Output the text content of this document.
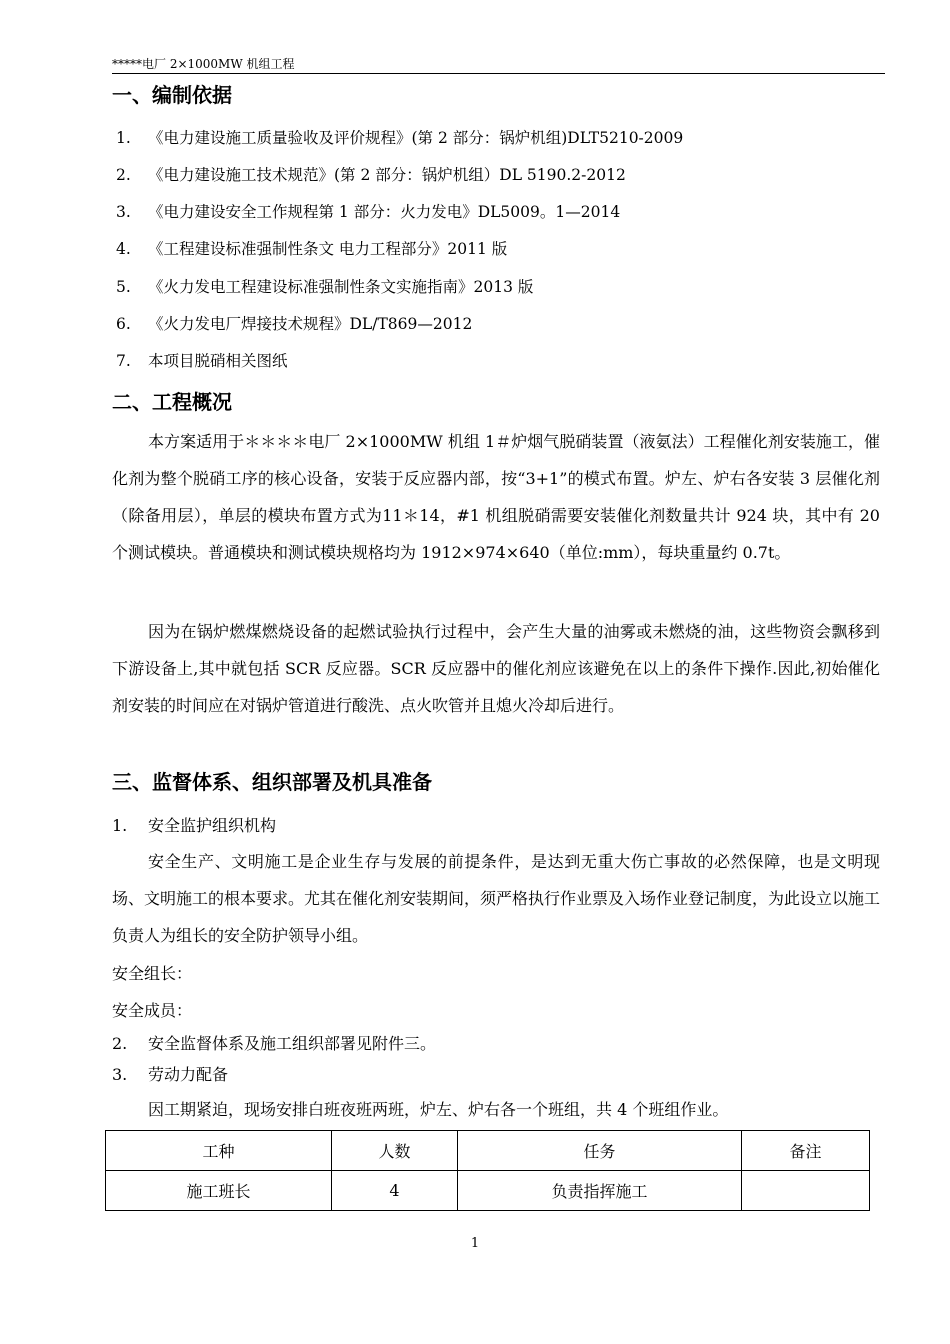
*****电厂 2×1000MW 机组工程
一、编制依据
1. 《电力建设施工质量验收及评价规程》(第 2 部分：锅炉机组)DLT5210-2009
2. 《电力建设施工技术规范》(第 2 部分：锅炉机组）DL 5190.2-2012
3. 《电力建设安全工作规程第 1 部分：火力发电》DL5009。1—2014
4. 《工程建设标准强制性条文 电力工程部分》2011 版
5. 《火力发电工程建设标准强制性条文实施指南》2013 版
6. 《火力发电厂焊接技术规程》DL/T869—2012
7. 本项目脱硝相关图纸
二、工程概况

本方案适用于＊＊＊＊电厂 2×1000MW 机组 1＃炉烟气脱硝装置（液氨法）工程催化剂安装施工，催化剂为整个脱硝工序的核心设备，安装于反应器内部，按“3+1”的模式布置。炉左、炉右各安装 3 层催化剂（除备用层），单层的模块布置方式为11＊14，#1 机组脱硝需要安装催化剂数量共计 924 块，其中有 20 个测试模块。普通模块和测试模块规格均为 1912×974×640（单位:mm），每块重量约 0.7t。

因为在锅炉燃煤燃烧设备的起燃试验执行过程中，会产生大量的油雾或未燃烧的油，这些物资会飘移到下游设备上,其中就包括 SCR 反应器。SCR 反应器中的催化剂应该避免在以上的条件下操作.因此,初始催化剂安装的时间应在对锅炉管道进行酸洗、点火吹管并且熄火冷却后进行。

三、监督体系、组织部署及机具准备
1. 安全监护组织机构

安全生产、文明施工是企业生存与发展的前提条件，是达到无重大伤亡事故的必然保障，也是文明现场、文明施工的根本要求。尤其在催化剂安装期间，须严格执行作业票及入场作业登记制度，为此设立以施工负责人为组长的安全防护领导小组。

安全组长：
安全成员：
2. 安全监督体系及施工组织部署见附件三。
3. 劳动力配备
因工期紧迫，现场安排白班夜班两班，炉左、炉右各一个班组，共 4 个班组作业。
工种	人数	任务	备注
施工班长	4	负责指挥施工	
1
